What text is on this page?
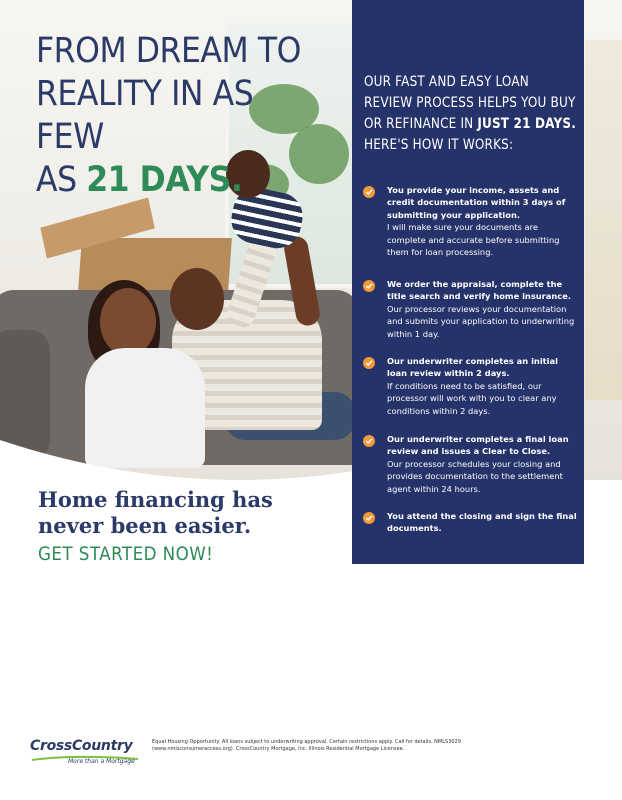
FROM DREAM TO
REALITY IN AS FEW
AS 21 DAYS.
OUR FAST AND EASY LOAN REVIEW PROCESS HELPS YOU BUY OR REFINANCE IN JUST 21 DAYS. HERE'S HOW IT WORKS:
You provide your income, assets and credit documentation within 3 days of submitting your application.
I will make sure your documents are complete and accurate before submitting them for loan processing.
We order the appraisal, complete the title search and verify home insurance.
Our processor reviews your documentation and submits your application to underwriting within 1 day.
Our underwriter completes an initial loan review within 2 days.
If conditions need to be satisfied, our processor will work with you to clear any conditions within 2 days.
Our underwriter completes a final loan review and issues a Clear to Close.
Our processor schedules your closing and provides documentation to the settlement agent within 24 hours.
You attend the closing and sign the final documents.

Home financing has never been easier.

GET STARTED NOW!
CrossCountry
More than a Mortgage
Equal Housing Opportunity. All loans subject to underwriting approval. Certain restrictions apply. Call for details. NMLS3029 (www.nmlsconsumeraccess.org). CrossCountry Mortgage, Inc. Illinois Residential Mortgage Licensee.
